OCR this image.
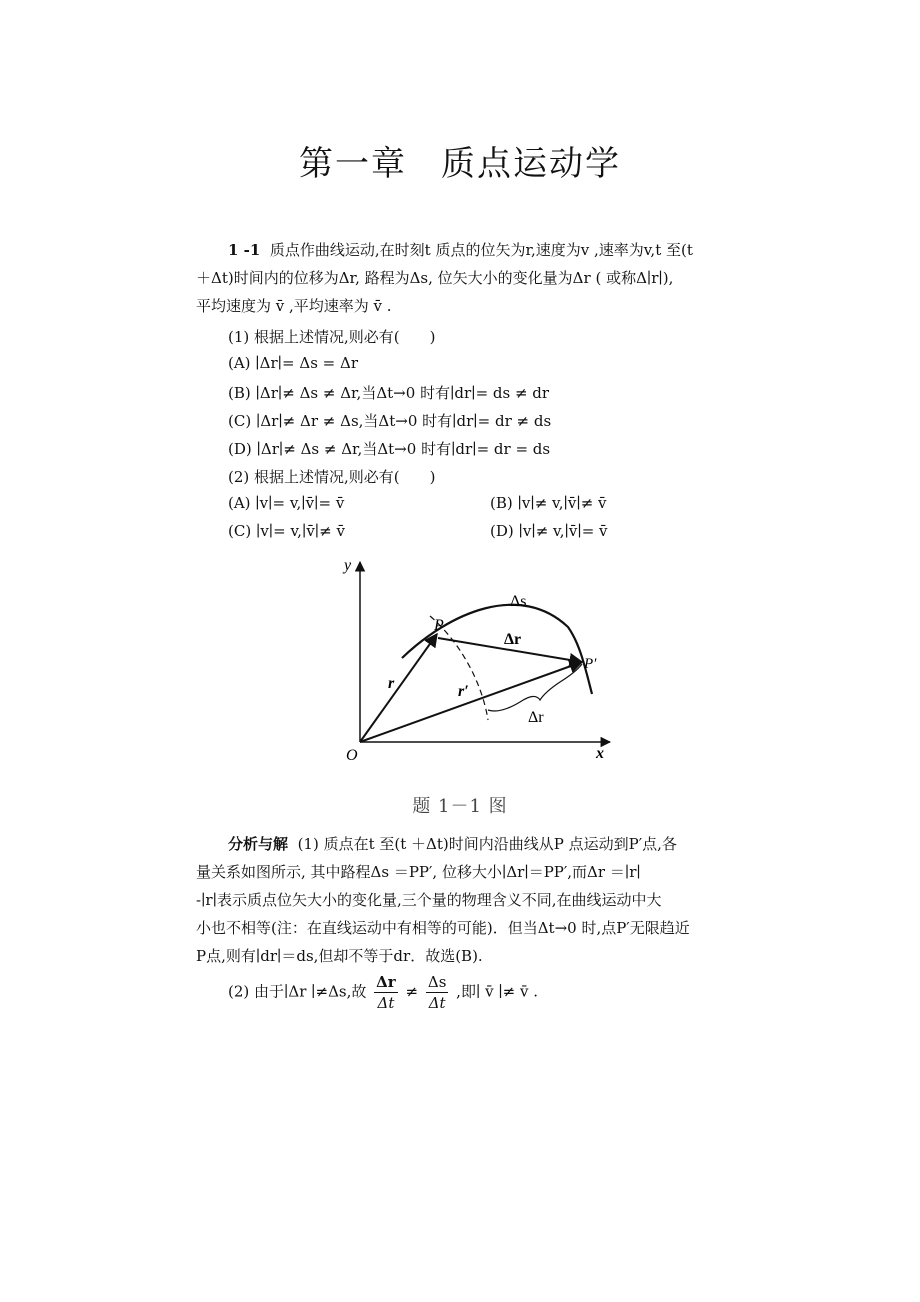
第一章 质点运动学
1 -1 质点作曲线运动,在时刻t 质点的位矢为r,速度为v ,速率为v,t 至(t
＋Δt)时间内的位移为Δr, 路程为Δs, 位矢大小的变化量为Δr ( 或称Δ∣r∣),
平均速度为 v̄ ,平均速率为 v̄ .
(1) 根据上述情况,则必有(　　)
(A) ∣Δr∣= Δs = Δr
(B) ∣Δr∣≠ Δs ≠ Δr,当Δt→0 时有∣dr∣= ds ≠ dr
(C) ∣Δr∣≠ Δr ≠ Δs,当Δt→0 时有∣dr∣= dr ≠ ds
(D) ∣Δr∣≠ Δs ≠ Δr,当Δt→0 时有∣dr∣= dr = ds
(2) 根据上述情况,则必有(　　)
(A) ∣v∣= v,∣v̄∣= v̄	(B) ∣v∣≠ v,∣v̄∣≠ v̄
(C) ∣v∣= v,∣v̄∣≠ v̄	(D) ∣v∣≠ v,∣v̄∣= v̄
y
x
O
P
P′
r	r′
Δs
Δr
Δr
题 1－1 图
分析与解 (1) 质点在t 至(t ＋Δt)时间内沿曲线从P 点运动到P′点,各
量关系如图所示, 其中路程Δs ＝PP′, 位移大小∣Δr∣＝PP′,而Δr ＝∣r∣
-∣r∣表示质点位矢大小的变化量,三个量的物理含义不同,在曲线运动中大
小也不相等(注：在直线运动中有相等的可能)．但当Δt→0 时,点P′无限趋近
P点,则有∣dr∣＝ds,但却不等于dr．故选(B).
(2) 由于∣Δr ∣≠Δs,故 $\frac{\Delta r}{\Delta t} \ne \frac{\Delta s}{\Delta t}$ ,即∣ v̄ ∣≠ v̄ .
